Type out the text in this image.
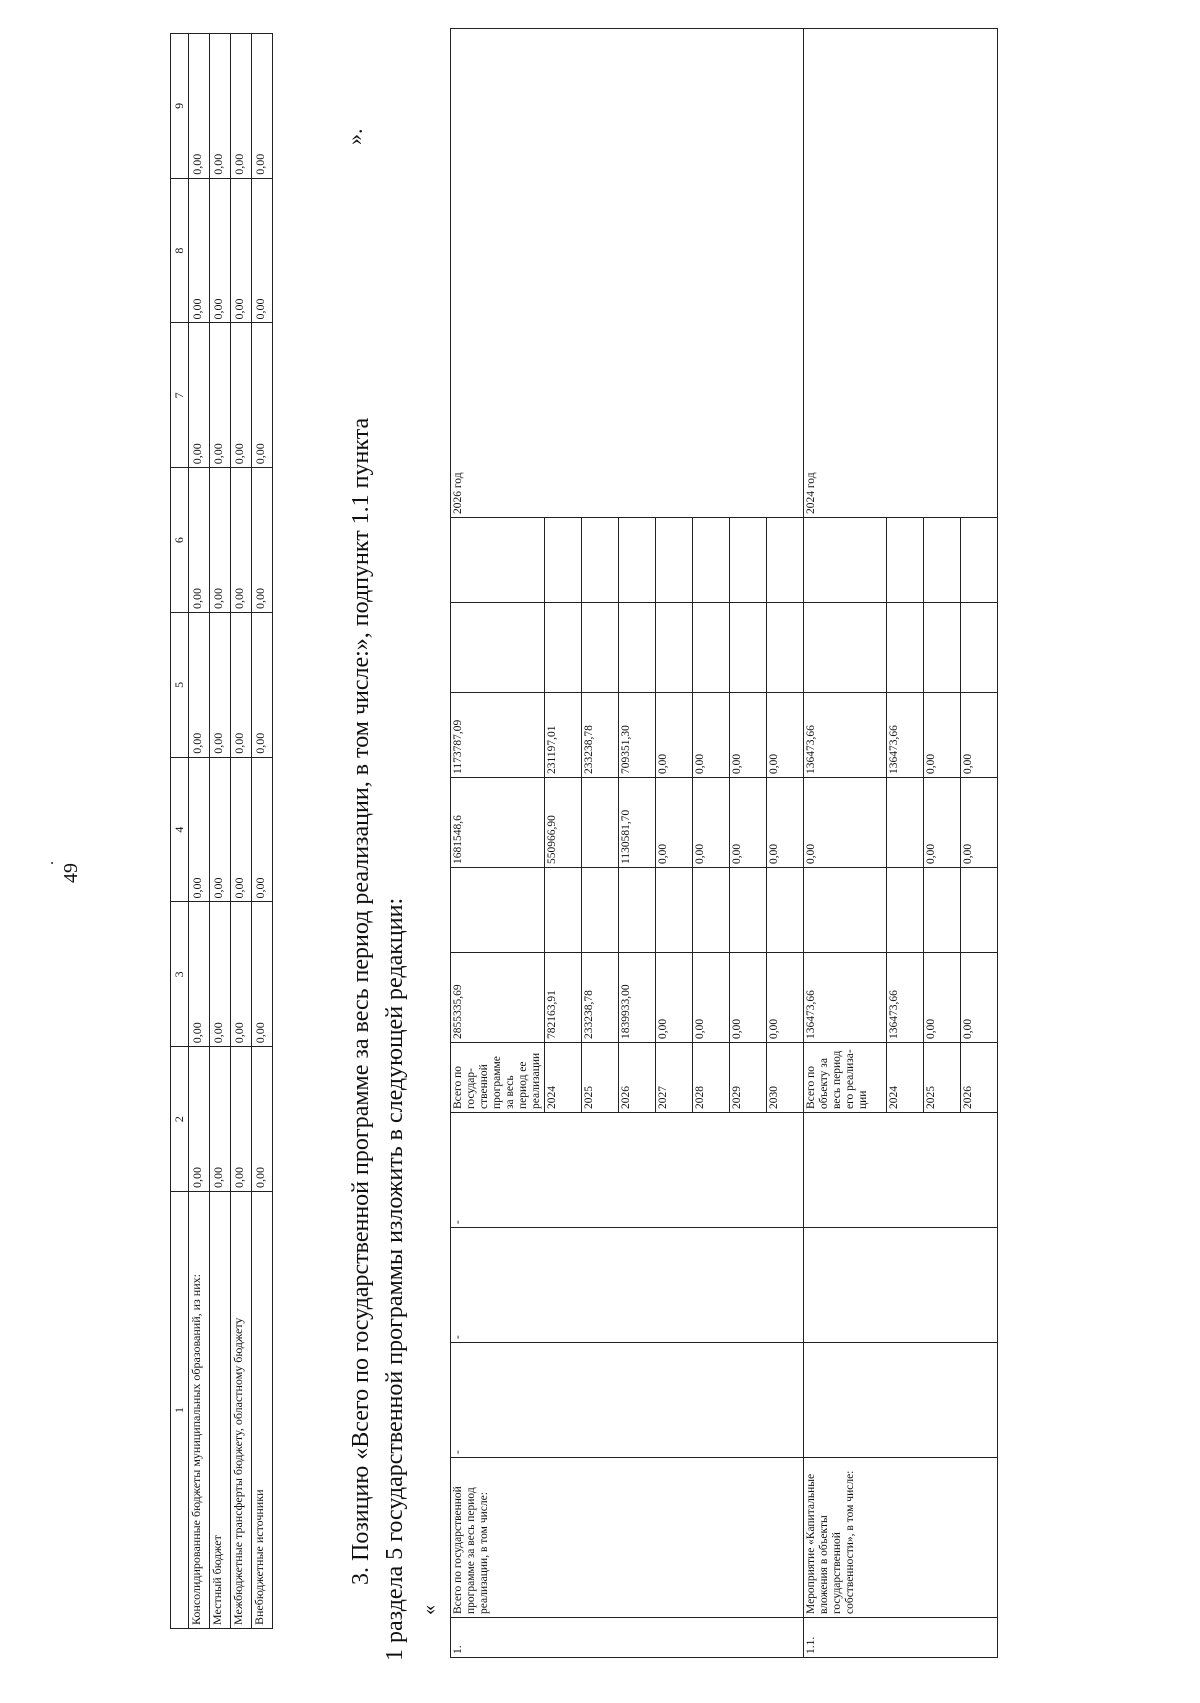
. 49
1	2	3	4	5	6	7	8	9
Консолидированные бюджеты муниципальных образований, из них:	0,00	0,00	0,00	0,00	0,00	0,00	0,00	0,00
Местный бюджет	0,00	0,00	0,00	0,00	0,00	0,00	0,00	0,00
Межбюджетные трансферты бюджету, областному бюджету	0,00	0,00	0,00	0,00	0,00	0,00	0,00	0,00
Внебюджетные источники	0,00	0,00	0,00	0,00	0,00	0,00	0,00	0,00
».
3. Позицию «Всего по государственной программе за весь период реализации, в том числе:», подпункт 1.1 пункта 1 раздела 5 государственной программы изложить в следующей редакции: «
1.	Всего по государственной программе за весь период реализации, в том числе:	-	-	-	Всего по государ-ственной программе за весь период ее реализации	2855335,69		1681548,6	1173787,09			2026 год
					2024	782163,91		550966,90	231197,01			
					2025	233238,78			233238,78			
					2026	1839933,00		1130581,70	709351,30			
					2027	0,00		0,00	0,00			
					2028	0,00		0,00	0,00			
					2029	0,00		0,00	0,00			
					2030	0,00		0,00	0,00			
1.1.	Мероприятие «Капитальные вложения в объекты государственной собственности», в том числе:				Всего по объекту за весь период его реализа-ции	136473,66		0,00	136473,66			2024 год
					2024	136473,66			136473,66			
					2025	0,00		0,00	0,00			
					2026	0,00		0,00	0,00			
